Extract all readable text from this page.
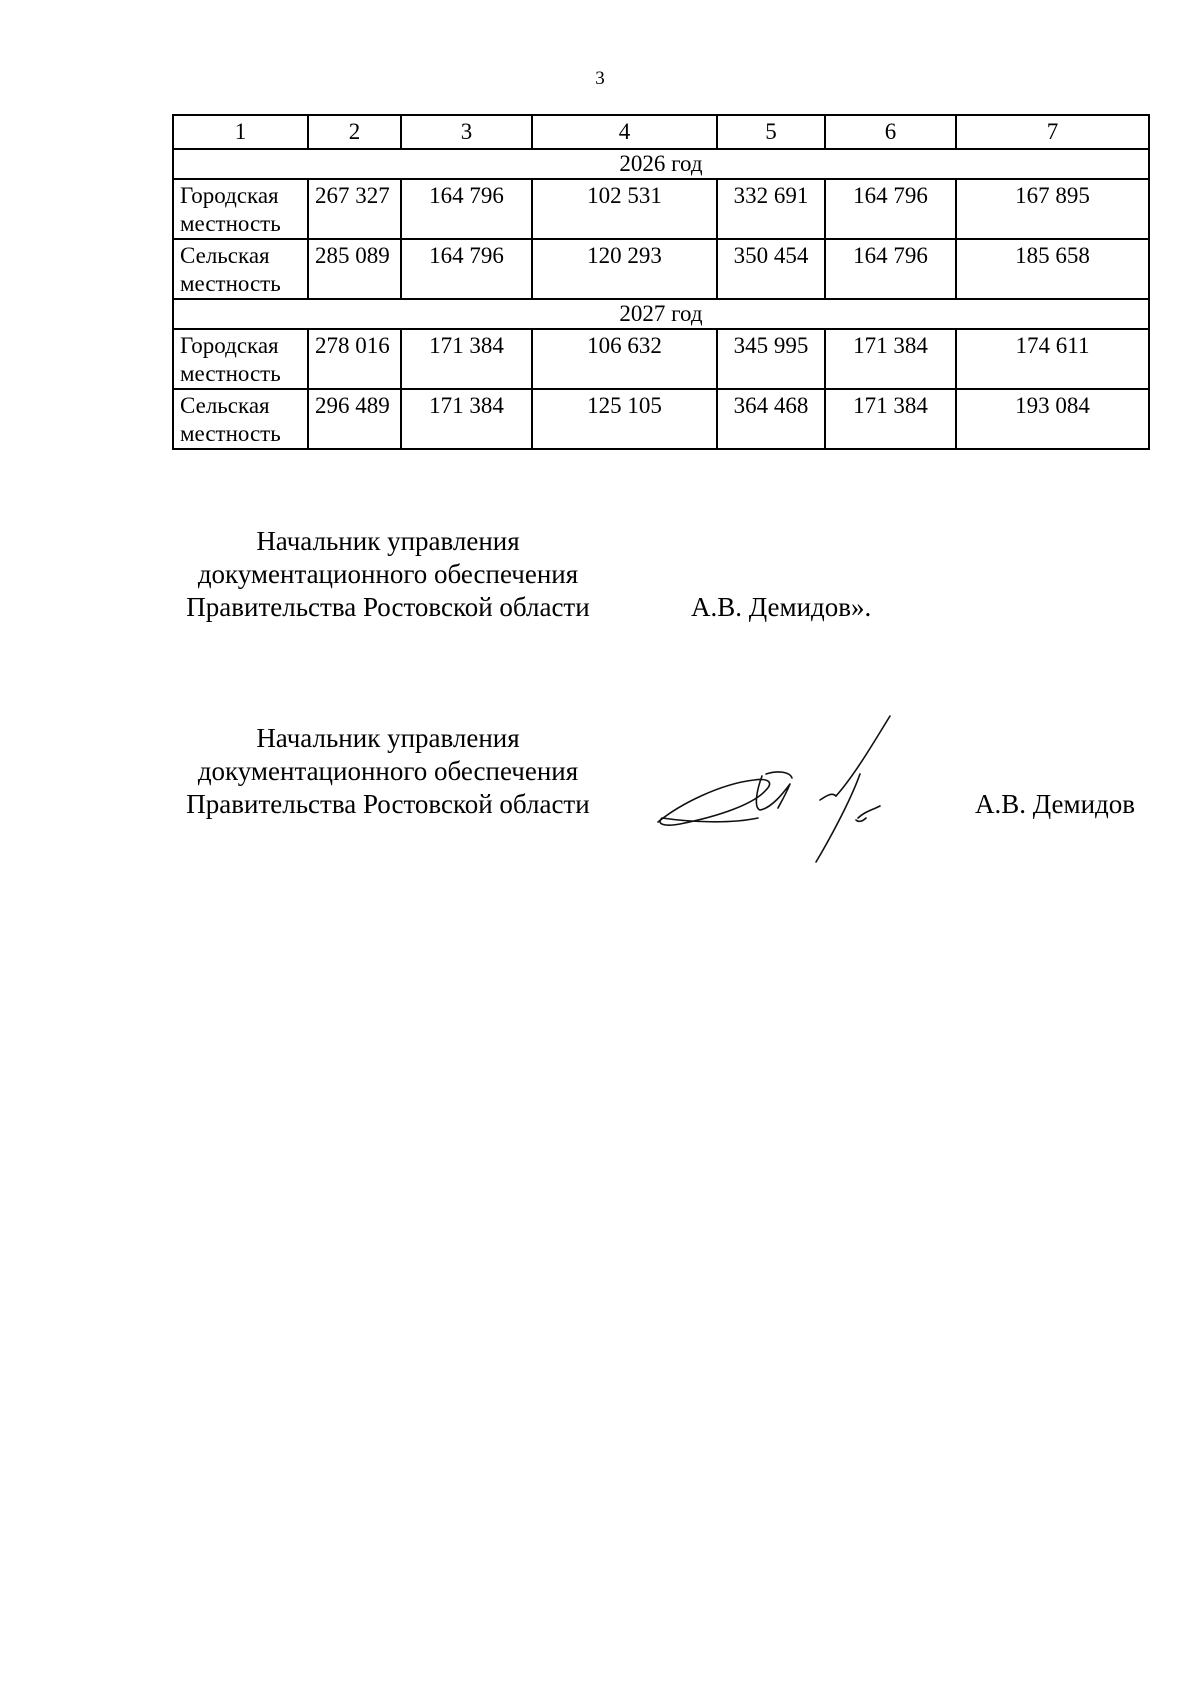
3
1	2	3	4	5	6	7
2026 год						
Городская
местность	267 327	164 796	102 531	332 691	164 796	167 895
Сельская
местность	285 089	164 796	120 293	350 454	164 796	185 658
2027 год						
Городская
местность	278 016	171 384	106 632	345 995	171 384	174 611
Сельская
местность	296 489	171 384	125 105	364 468	171 384	193 084
Начальник управления
документационного обеспечения
Правительства Ростовской области	А.В. Демидов».
Начальник управления
документационного обеспечения
Правительства Ростовской области	А.В. Демидов
